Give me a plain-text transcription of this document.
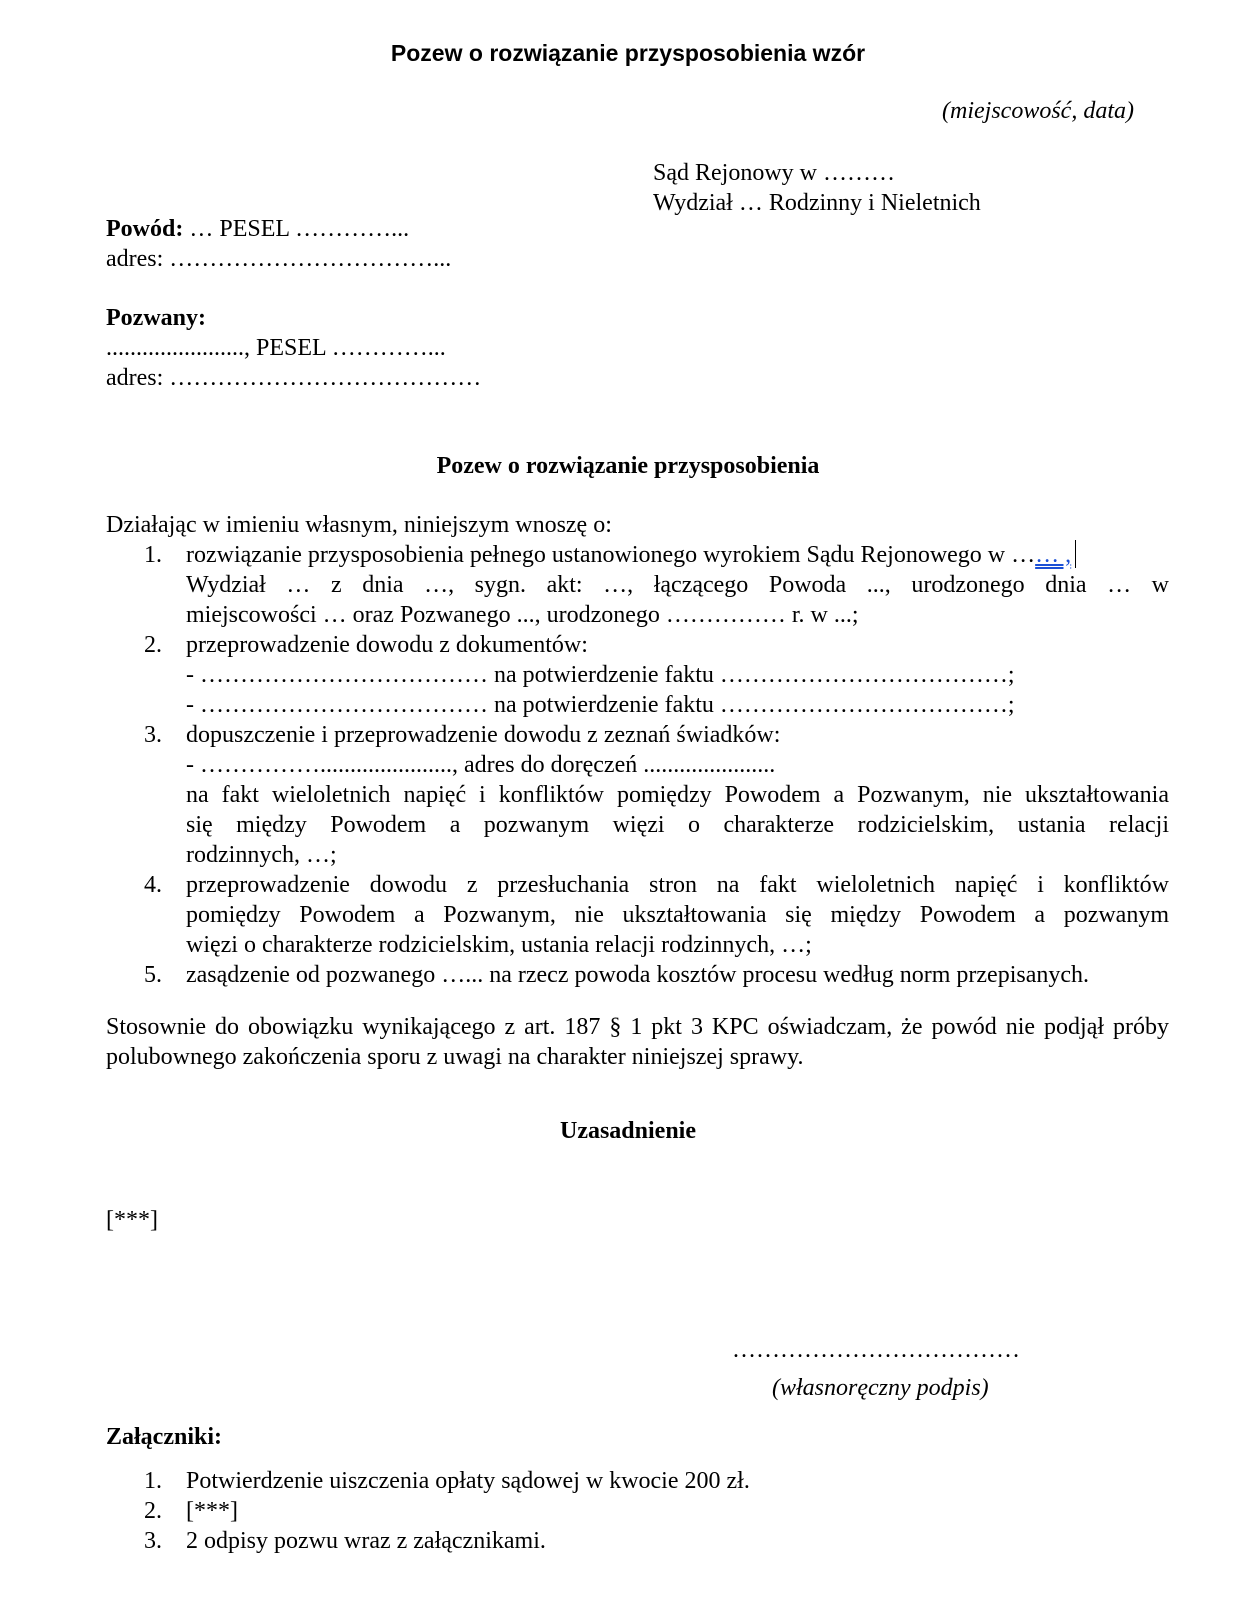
Pozew o rozwiązanie przysposobienia wzór
(miejscowość, data)
Sąd Rejonowy w ………
Wydział … Rodzinny i Nieletnich
Powód: … PESEL …………...
adres: ……………………………...
Pozwany:
......................., PESEL …………...
adres: …………………………………
Pozew o rozwiązanie przysposobienia
Działając w imieniu własnym, niniejszym wnoszę o:
1. rozwiązanie przysposobienia pełnego ustanowionego wyrokiem Sądu Rejonowego w …… ,
Wydział … z dnia …, sygn. akt: …, łączącego Powoda ..., urodzonego dnia … w
miejscowości … oraz Pozwanego ..., urodzonego …………… r. w ...;
2. przeprowadzenie dowodu z dokumentów:
- ……………………………… na potwierdzenie faktu ………………………………;
- ……………………………… na potwierdzenie faktu ………………………………;
3. dopuszczenie i przeprowadzenie dowodu z zeznań świadków:
- ……………......................, adres do doręczeń ......................
na fakt wieloletnich napięć i konfliktów pomiędzy Powodem a Pozwanym, nie ukształtowania
się między Powodem a pozwanym więzi o charakterze rodzicielskim, ustania relacji
rodzinnych, …;
4. przeprowadzenie dowodu z przesłuchania stron na fakt wieloletnich napięć i konfliktów
pomiędzy Powodem a Pozwanym, nie ukształtowania się między Powodem a pozwanym
więzi o charakterze rodzicielskim, ustania relacji rodzinnych, …;
5. zasądzenie od pozwanego …... na rzecz powoda kosztów procesu według norm przepisanych.
Stosownie do obowiązku wynikającego z art. 187 § 1 pkt 3 KPC oświadczam, że powód nie podjął próby polubownego zakończenia sporu z uwagi na charakter niniejszej sprawy.
Uzasadnienie
[***]
………………………………
(własnoręczny podpis)
Załączniki:
1. Potwierdzenie uiszczenia opłaty sądowej w kwocie 200 zł.
2. [***]
3. 2 odpisy pozwu wraz z załącznikami.
